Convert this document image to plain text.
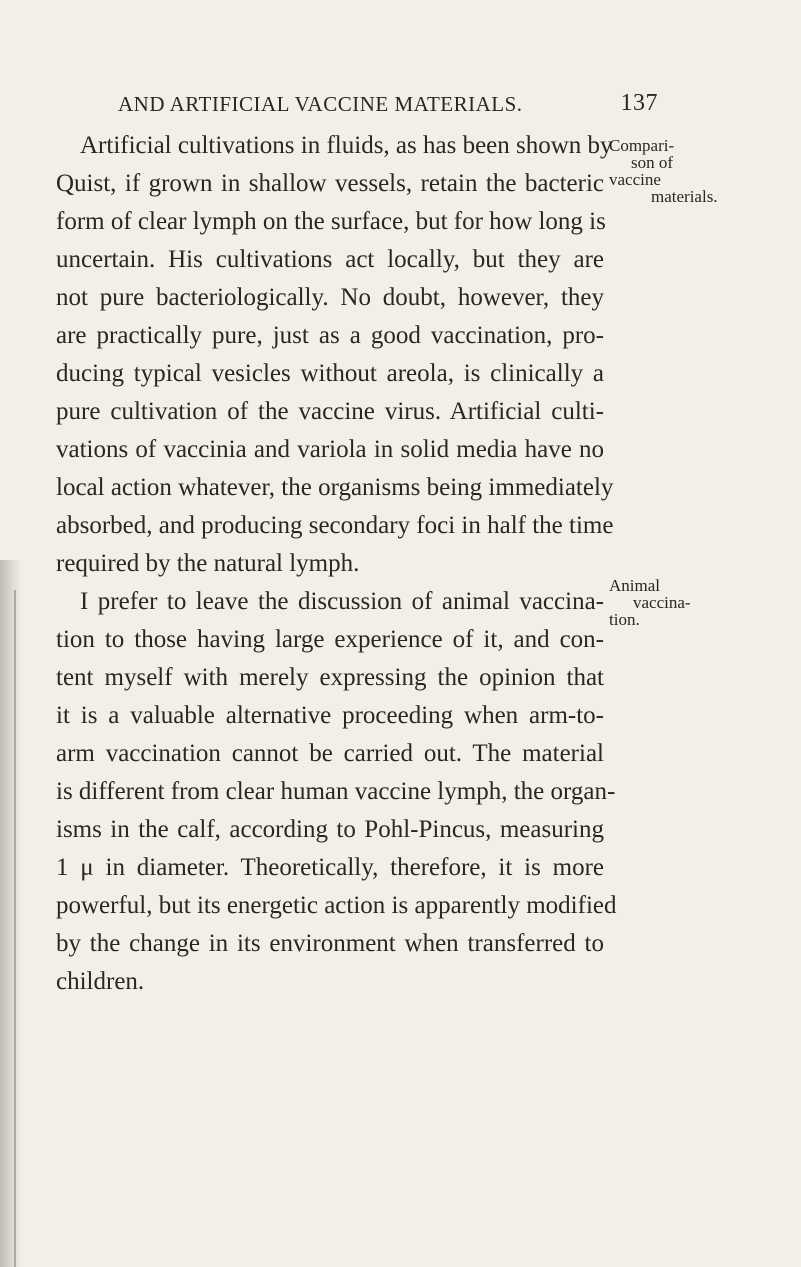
AND ARTIFICIAL VACCINE MATERIALS.	137
Artificial cultivations in fluids, as has been shown by
Quist, if grown in shallow vessels, retain the bacteric
form of clear lymph on the surface, but for how long is
uncertain. His cultivations act locally, but they are
not pure bacteriologically. No doubt, however, they
are practically pure, just as a good vaccination, pro-
ducing typical vesicles without areola, is clinically a
pure cultivation of the vaccine virus. Artificial culti-
vations of vaccinia and variola in solid media have no
local action whatever, the organisms being immediately
absorbed, and producing secondary foci in half the time
required by the natural lymph.
I prefer to leave the discussion of animal vaccina-
tion to those having large experience of it, and con-
tent myself with merely expressing the opinion that
it is a valuable alternative proceeding when arm-to-
arm vaccination cannot be carried out. The material
is different from clear human vaccine lymph, the organ-
isms in the calf, according to Pohl-Pincus, measuring
1 μ in diameter. Theoretically, therefore, it is more
powerful, but its energetic action is apparently modified
by the change in its environment when transferred to
children.
Compari-
son of
vaccine
materials.
Animal
vaccina-
tion.
